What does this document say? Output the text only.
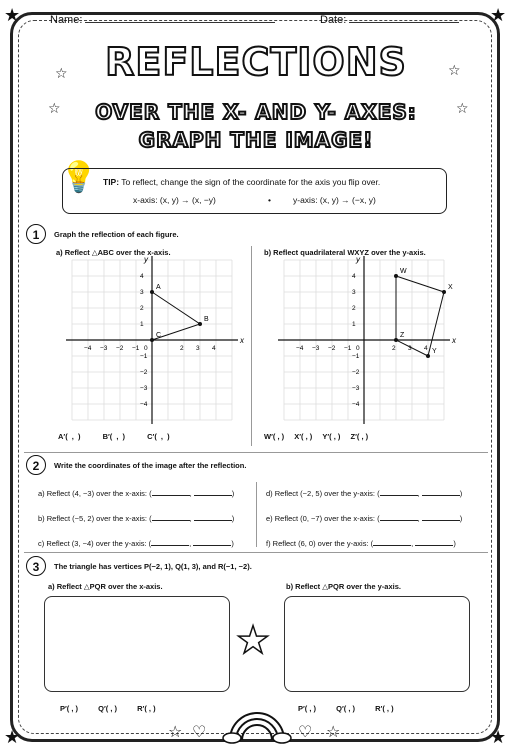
★	★
★	★
Name:	Date:
REFLECTIONS
OVER THE X- AND Y- AXES:
GRAPH THE IMAGE!
☆	☆
☆	☆
💡 TIP: To reflect, change the sign of the coordinate for the axis you flip over.
x-axis: (x, y) → (x, −y)	•	y-axis: (x, y) → (−x, y)
1	Graph the reflection of each figure.
a) Reflect △ABC over the x-axis.	b) Reflect quadrilateral WXYZ over the y-axis.
x
y
−4 −3 −2 −1	2 3 4
4
3
2
1
−1
−2
−3
−4
0
A
B
C
x
y
−4 −3 −2 −1	2 3 4
4
3
2
1
−1
−2
−3
−4
0
W
X
Y
Z
A′( , )	B′( , )	C′( , )	W′( , ) X′( , ) Y′( , ) Z′( , )
2	Write the coordinates of the image after the reflection.
a) Reflect (4, −3) over the x-axis: (	,	)
b) Reflect (−5, 2) over the x-axis: (	,	)
c) Reflect (3, −4) over the y-axis: (	,	)
d) Reflect (−2, 5) over the y-axis: (	,	)
e) Reflect (0, −7) over the x-axis: (	,	)
f) Reflect (6, 0) over the y-axis: (	,	)
3	The triangle has vertices P(−2, 1), Q(1, 3), and R(−1, −2).
a) Reflect △PQR over the x-axis.	b) Reflect △PQR over the y-axis.
★
P′( , )	Q′( , )	R′( , )	P′( , )	Q′( , )	R′( , )
☆ ♡	♡ ☆
